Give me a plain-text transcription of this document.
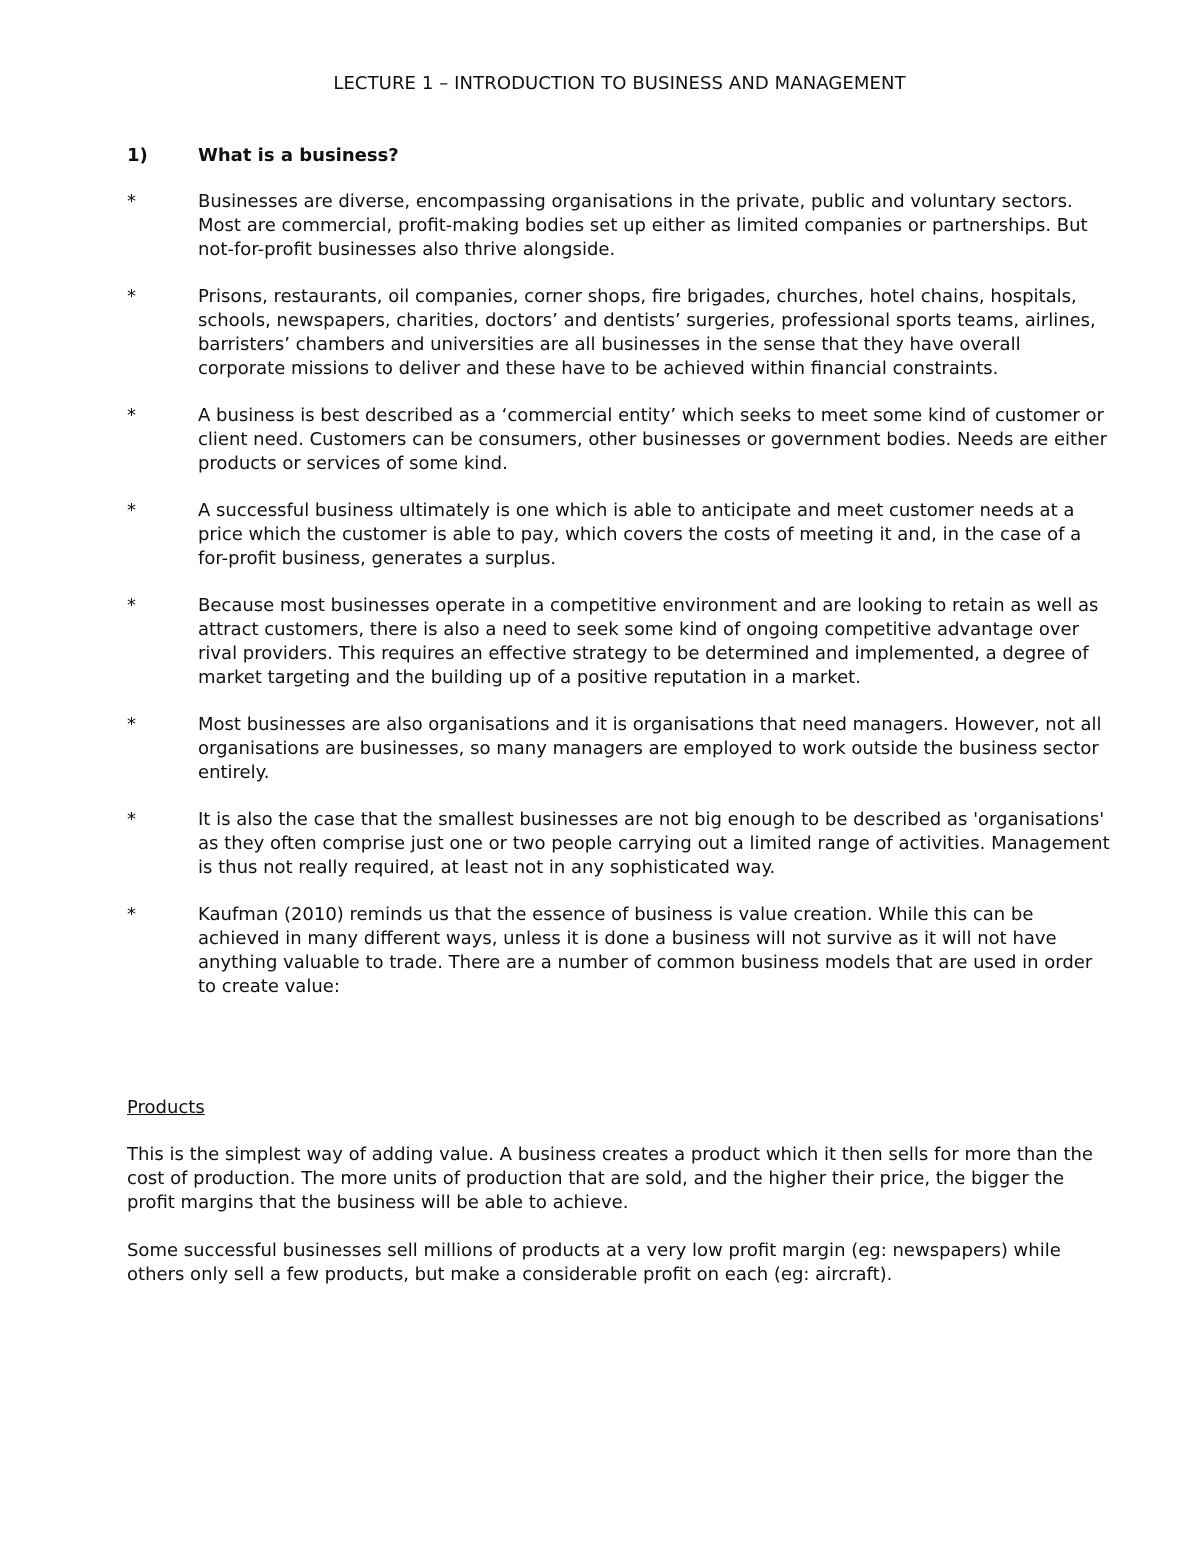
LECTURE 1 – INTRODUCTION TO BUSINESS AND MANAGEMENT
1)	What is a business?
*	Businesses are diverse, encompassing organisations in the private, public and voluntary sectors. Most are commercial, profit-making bodies set up either as limited companies or partnerships. But not-for-profit businesses also thrive alongside.
*	Prisons, restaurants, oil companies, corner shops, fire brigades, churches, hotel chains, hospitals, schools, newspapers, charities, doctors’ and dentists’ surgeries, professional sports teams, airlines, barristers’ chambers and universities are all businesses in the sense that they have overall corporate missions to deliver and these have to be achieved within financial constraints.
*	A business is best described as a ‘commercial entity’ which seeks to meet some kind of customer or client need. Customers can be consumers, other businesses or government bodies. Needs are either products or services of some kind.
*	A successful business ultimately is one which is able to anticipate and meet customer needs at a price which the customer is able to pay, which covers the costs of meeting it and, in the case of a for-profit business, generates a surplus.
*	Because most businesses operate in a competitive environment and are looking to retain as well as attract customers, there is also a need to seek some kind of ongoing competitive advantage over rival providers. This requires an effective strategy to be determined and implemented, a degree of market targeting and the building up of a positive reputation in a market.
*	Most businesses are also organisations and it is organisations that need managers. However, not all organisations are businesses, so many managers are employed to work outside the business sector entirely.
*	It is also the case that the smallest businesses are not big enough to be described as 'organisations' as they often comprise just one or two people carrying out a limited range of activities. Management is thus not really required, at least not in any sophisticated way.
*	Kaufman (2010) reminds us that the essence of business is value creation. While this can be achieved in many different ways, unless it is done a business will not survive as it will not have anything valuable to trade. There are a number of common business models that are used in order to create value:
Products

This is the simplest way of adding value. A business creates a product which it then sells for more than the cost of production. The more units of production that are sold, and the higher their price, the bigger the profit margins that the business will be able to achieve.

Some successful businesses sell millions of products at a very low profit margin (eg: newspapers) while others only sell a few products, but make a considerable profit on each (eg: aircraft).
